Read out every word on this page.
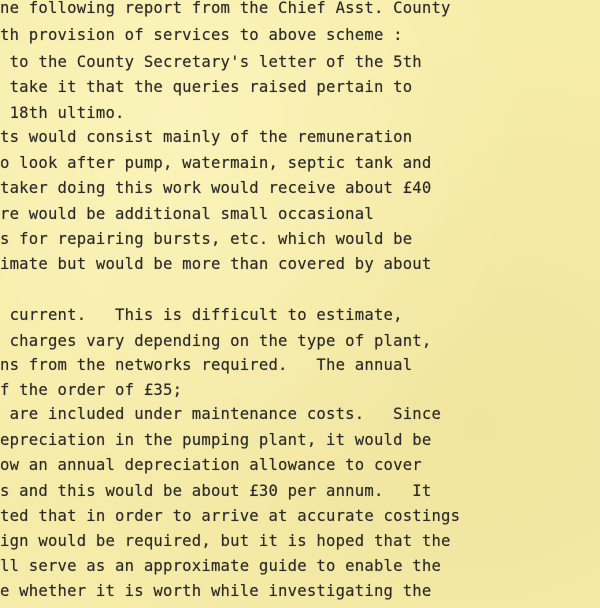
ne following report from the Chief Asst. County
th provision of services to above scheme :
to the County Secretary's letter of the 5th
take it that the queries raised pertain to
18th ultimo.
ts would consist mainly of the remuneration
o look after pump, watermain, septic tank and
taker doing this work would receive about £40
re would be additional small occasional
s for repairing bursts, etc. which would be
imate but would be more than covered by about
current.   This is difficult to estimate,
charges vary depending on the type of plant,
ns from the networks required.   The annual
f the order of £35;
are included under maintenance costs.   Since
epreciation in the pumping plant, it would be
ow an annual depreciation allowance to cover
s and this would be about £30 per annum.   It
ted that in order to arrive at accurate costings
ign would be required, but it is hoped that the
ll serve as an approximate guide to enable the
e whether it is worth while investigating the
